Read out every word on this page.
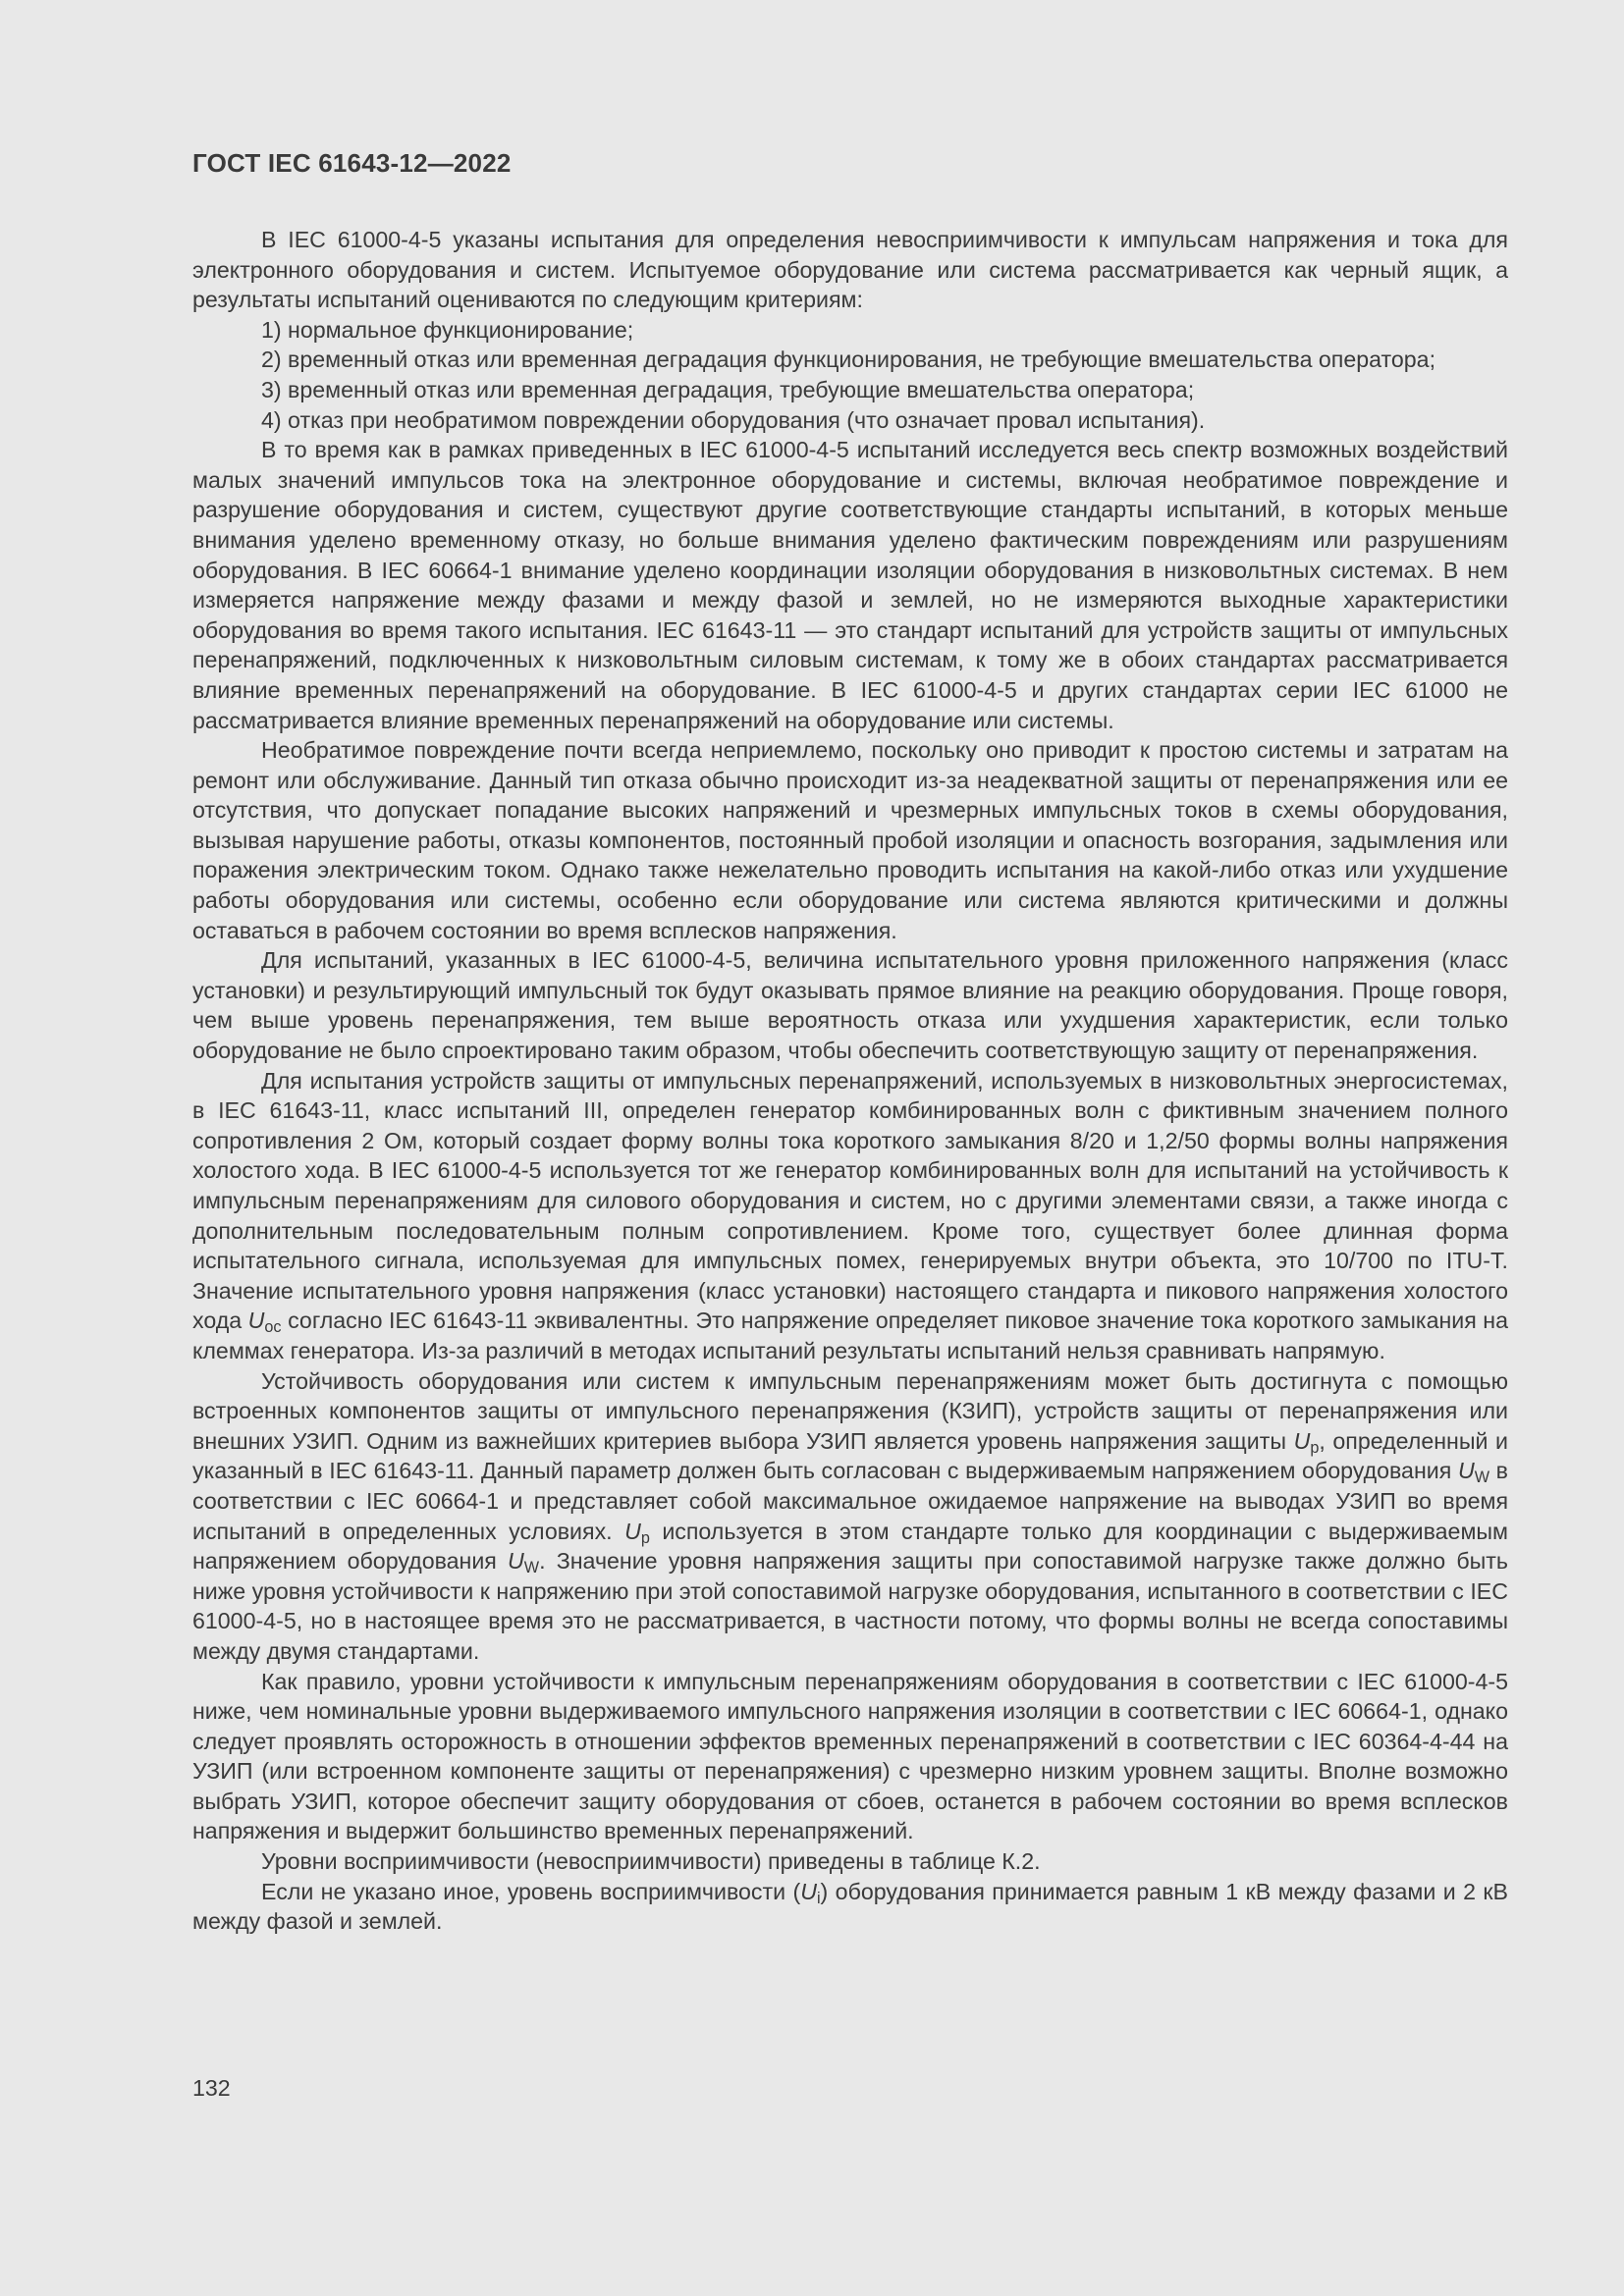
ГОСТ IEC 61643-12—2022

В IEC 61000-4-5 указаны испытания для определения невосприимчивости к импульсам напряжения и тока для электронного оборудования и систем. Испытуемое оборудование или система рассматривается как черный ящик, а результаты испытаний оцениваются по следующим критериям:

1) нормальное функционирование;

2) временный отказ или временная деградация функционирования, не требующие вмешательства оператора;

3) временный отказ или временная деградация, требующие вмешательства оператора;

4) отказ при необратимом повреждении оборудования (что означает провал испытания).

В то время как в рамках приведенных в IEC 61000-4-5 испытаний исследуется весь спектр возможных воздействий малых значений импульсов тока на электронное оборудование и системы, включая необратимое повреждение и разрушение оборудования и систем, существуют другие соответствующие стандарты испытаний, в которых меньше внимания уделено временному отказу, но больше внимания уделено фактическим повреждениям или разрушениям оборудования. В IEC 60664-1 внимание уделено координации изоляции оборудования в низковольтных системах. В нем измеряется напряжение между фазами и между фазой и землей, но не измеряются выходные характеристики оборудования во время такого испытания. IEC 61643-11 — это стандарт испытаний для устройств защиты от импульсных перенапряжений, подключенных к низковольтным силовым системам, к тому же в обоих стандартах рассматривается влияние временных перенапряжений на оборудование. В IEC 61000-4-5 и других стандартах серии IEC 61000 не рассматривается влияние временных перенапряжений на оборудование или системы.

Необратимое повреждение почти всегда неприемлемо, поскольку оно приводит к простою системы и затратам на ремонт или обслуживание. Данный тип отказа обычно происходит из-за неадекватной защиты от перенапряжения или ее отсутствия, что допускает попадание высоких напряжений и чрезмерных импульсных токов в схемы оборудования, вызывая нарушение работы, отказы компонентов, постоянный пробой изоляции и опасность возгорания, задымления или поражения электрическим током. Однако также нежелательно проводить испытания на какой-либо отказ или ухудшение работы оборудования или системы, особенно если оборудование или система являются критическими и должны оставаться в рабочем состоянии во время всплесков напряжения.

Для испытаний, указанных в IEC 61000-4-5, величина испытательного уровня приложенного напряжения (класс установки) и результирующий импульсный ток будут оказывать прямое влияние на реакцию оборудования. Проще говоря, чем выше уровень перенапряжения, тем выше вероятность отказа или ухудшения характеристик, если только оборудование не было спроектировано таким образом, чтобы обеспечить соответствующую защиту от перенапряжения.

Для испытания устройств защиты от импульсных перенапряжений, используемых в низковольтных энергосистемах, в IEC 61643-11, класс испытаний III, определен генератор комбинированных волн с фиктивным значением полного сопротивления 2 Ом, который создает форму волны тока короткого замыкания 8/20 и 1,2/50 формы волны напряжения холостого хода. В IEC 61000-4-5 используется тот же генератор комбинированных волн для испытаний на устойчивость к импульсным перенапряжениям для силового оборудования и систем, но с другими элементами связи, а также иногда с дополнительным последовательным полным сопротивлением. Кроме того, существует более длинная форма испытательного сигнала, используемая для импульсных помех, генерируемых внутри объекта, это 10/700 по ITU-T. Значение испытательного уровня напряжения (класс установки) настоящего стандарта и пикового напряжения холостого хода $U_{oc}$ согласно IEC 61643-11 эквивалентны. Это напряжение определяет пиковое значение тока короткого замыкания на клеммах генератора. Из-за различий в методах испытаний результаты испытаний нельзя сравнивать напрямую.

Устойчивость оборудования или систем к импульсным перенапряжениям может быть достигнута с помощью встроенных компонентов защиты от импульсного перенапряжения (КЗИП), устройств защиты от перенапряжения или внешних УЗИП. Одним из важнейших критериев выбора УЗИП является уровень напряжения защиты $U_p$, определенный и указанный в IEC 61643-11. Данный параметр должен быть согласован с выдерживаемым напряжением оборудования $U_W$ в соответствии с IEC 60664-1 и представляет собой максимальное ожидаемое напряжение на выводах УЗИП во время испытаний в определенных условиях. $U_p$ используется в этом стандарте только для координации с выдерживаемым напряжением оборудования $U_W$. Значение уровня напряжения защиты при сопоставимой нагрузке также должно быть ниже уровня устойчивости к напряжению при этой сопоставимой нагрузке оборудования, испытанного в соответствии с IEC 61000-4-5, но в настоящее время это не рассматривается, в частности потому, что формы волны не всегда сопоставимы между двумя стандартами.

Как правило, уровни устойчивости к импульсным перенапряжениям оборудования в соответствии с IEC 61000-4-5 ниже, чем номинальные уровни выдерживаемого импульсного напряжения изоляции в соответствии с IEC 60664-1, однако следует проявлять осторожность в отношении эффектов временных перенапряжений в соответствии с IEC 60364-4-44 на УЗИП (или встроенном компоненте защиты от перенапряжения) с чрезмерно низким уровнем защиты. Вполне возможно выбрать УЗИП, которое обеспечит защиту оборудования от сбоев, останется в рабочем состоянии во время всплесков напряжения и выдержит большинство временных перенапряжений.

Уровни восприимчивости (невосприимчивости) приведены в таблице К.2.

Если не указано иное, уровень восприимчивости $(U_i)$ оборудования принимается равным 1 кВ между фазами и 2 кВ между фазой и землей.

132
